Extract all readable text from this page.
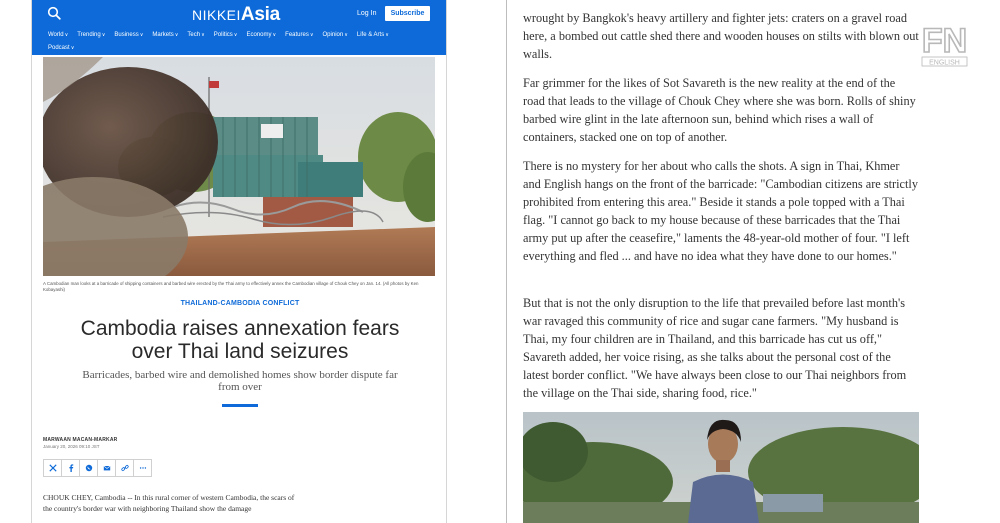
NIKKEIAsia	Log In	Subscribe
World∨ Trending∨ Business∨ Markets∨ Tech∨ Politics∨ Economy∨ Features∨ Opinion∨ Life & Arts∨
Podcast∨
A Cambodian man looks at a barricade of shipping containers and barbed wire erected by the Thai army to effectively annex the Cambodian village of Chouk Chey on Jan. 14. (All photos by Ken Kobayashi)
THAILAND-CAMBODIA CONFLICT
Cambodia raises annexation fears over Thai land seizures
Barricades, barbed wire and demolished homes show border dispute far from over
MARWAAN MACAN-MARKAR
January 20, 2026 09:10 JST
CHOUK CHEY, Cambodia -- In this rural corner of western Cambodia, the scars of the country's border war with neighboring Thailand show the damage

wrought by Bangkok's heavy artillery and fighter jets: craters on a gravel road here, a bombed out cattle shed there and wooden houses on stilts with blown out walls.

Far grimmer for the likes of Sot Savareth is the new reality at the end of the road that leads to the village of Chouk Chey where she was born. Rolls of shiny barbed wire glint in the late afternoon sun, behind which rises a wall of containers, stacked one on top of another.

There is no mystery for her about who calls the shots. A sign in Thai, Khmer and English hangs on the front of the barricade: "Cambodian citizens are strictly prohibited from entering this area." Beside it stands a pole topped with a Thai flag. "I cannot go back to my house because of these barricades that the Thai army put up after the ceasefire," laments the 48-year-old mother of four. "I left everything and fled ... and have no idea what they have done to our homes."

But that is not the only disruption to the life that prevailed before last month's war ravaged this community of rice and sugar cane farmers. "My husband is Thai, my four children are in Thailand, and this barricade has cut us off," Savareth added, her voice rising, as she talks about the personal cost of the latest border conflict. "We have always been close to our Thai neighbors from the village on the Thai side, sharing food, rice."

FN
ENGLISH
